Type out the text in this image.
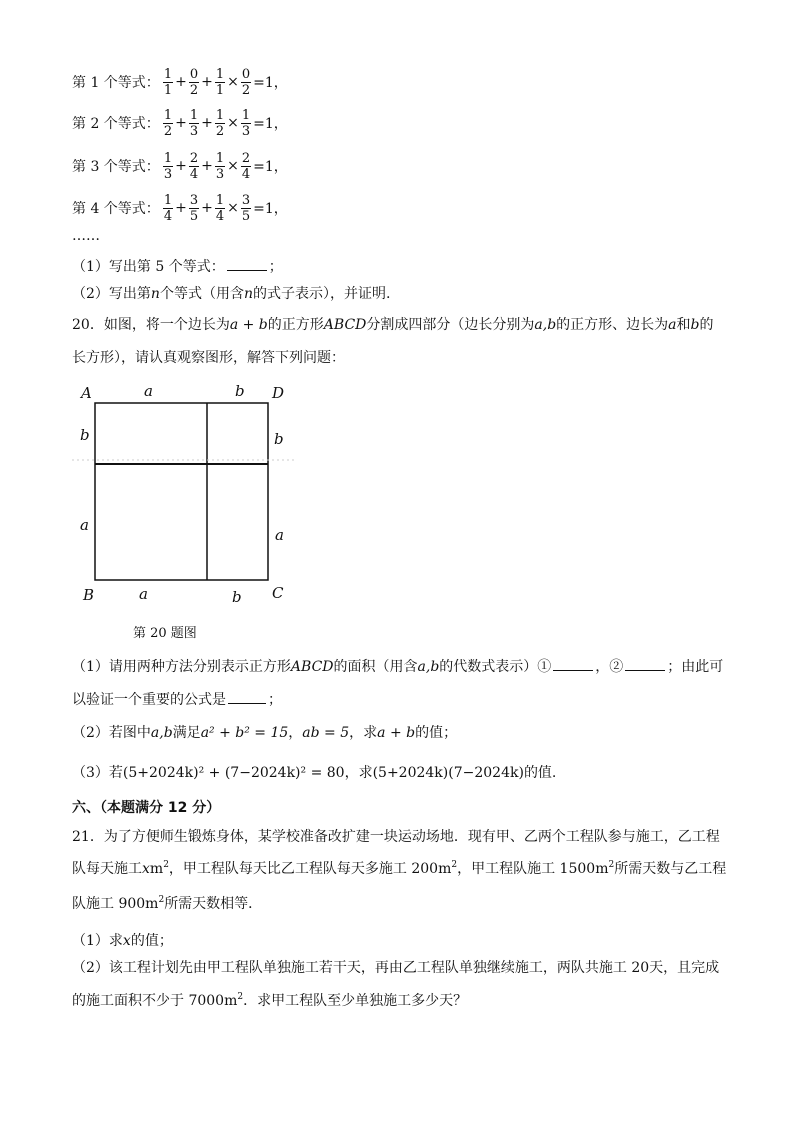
第 1 个等式： $\frac{1}{1} + \frac{0}{2} + \frac{1}{1} \times \frac{0}{2} =1$，
第 2 个等式： $\frac{1}{2} + \frac{1}{3} + \frac{1}{2} \times \frac{1}{3} =1$，
第 3 个等式： $\frac{1}{3} + \frac{2}{4} + \frac{1}{3} \times \frac{2}{4} =1$，
第 4 个等式： $\frac{1}{4} + \frac{3}{5} + \frac{1}{4} \times \frac{3}{5} =1$，
……
（1）写出第 5 个等式：	；
（2）写出第n个等式（用含n的式子表示），并证明.
20．如图，将一个边长为a + b的正方形ABCD分割成四部分（边长分别为a,b的正方形、边长为a和b的
长方形），请认真观察图形，解答下列问题：
A	D
B	C
a	b
b
a
b
a
a	b
第 20 题图
（1）请用两种方法分别表示正方形ABCD的面积（用含a,b的代数式表示）①	，②	；由此可
以验证一个重要的公式是	；
（2）若图中a,b满足a² + b² = 15，ab = 5，求a + b的值；
（3）若(5+2024k)² + (7−2024k)² = 80，求(5+2024k)(7−2024k)的值.
六、（本题满分 12 分）
21．为了方便师生锻炼身体，某学校准备改扩建一块运动场地．现有甲、乙两个工程队参与施工，乙工程
队每天施工$xm^2$，甲工程队每天比乙工程队每天多施工 $200m^2$，甲工程队施工 $1500m^2$所需天数与乙工程
队施工 $900m^2$所需天数相等．
（1）求x的值；
（2）该工程计划先由甲工程队单独施工若干天，再由乙工程队单独继续施工，两队共施工 20天，且完成
的施工面积不少于 $7000m^2$．求甲工程队至少单独施工多少天？
